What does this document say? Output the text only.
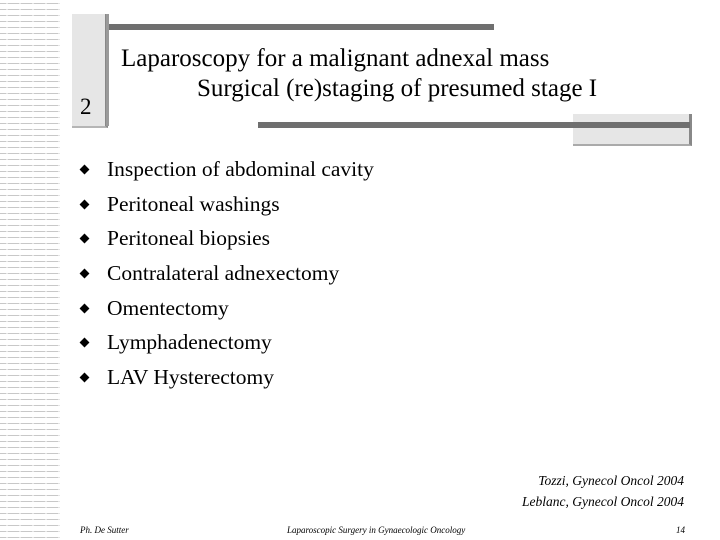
2
Laparoscopy for a malignant adnexal mass
Surgical (re)staging of presumed stage I
Inspection of abdominal cavity
Peritoneal washings
Peritoneal biopsies
Contralateral adnexectomy
Omentectomy
Lymphadenectomy
LAV Hysterectomy
Tozzi, Gynecol Oncol 2004
Leblanc, Gynecol Oncol 2004
Ph. De Sutter	Laparoscopic Surgery in Gynaecologic Oncology	14
